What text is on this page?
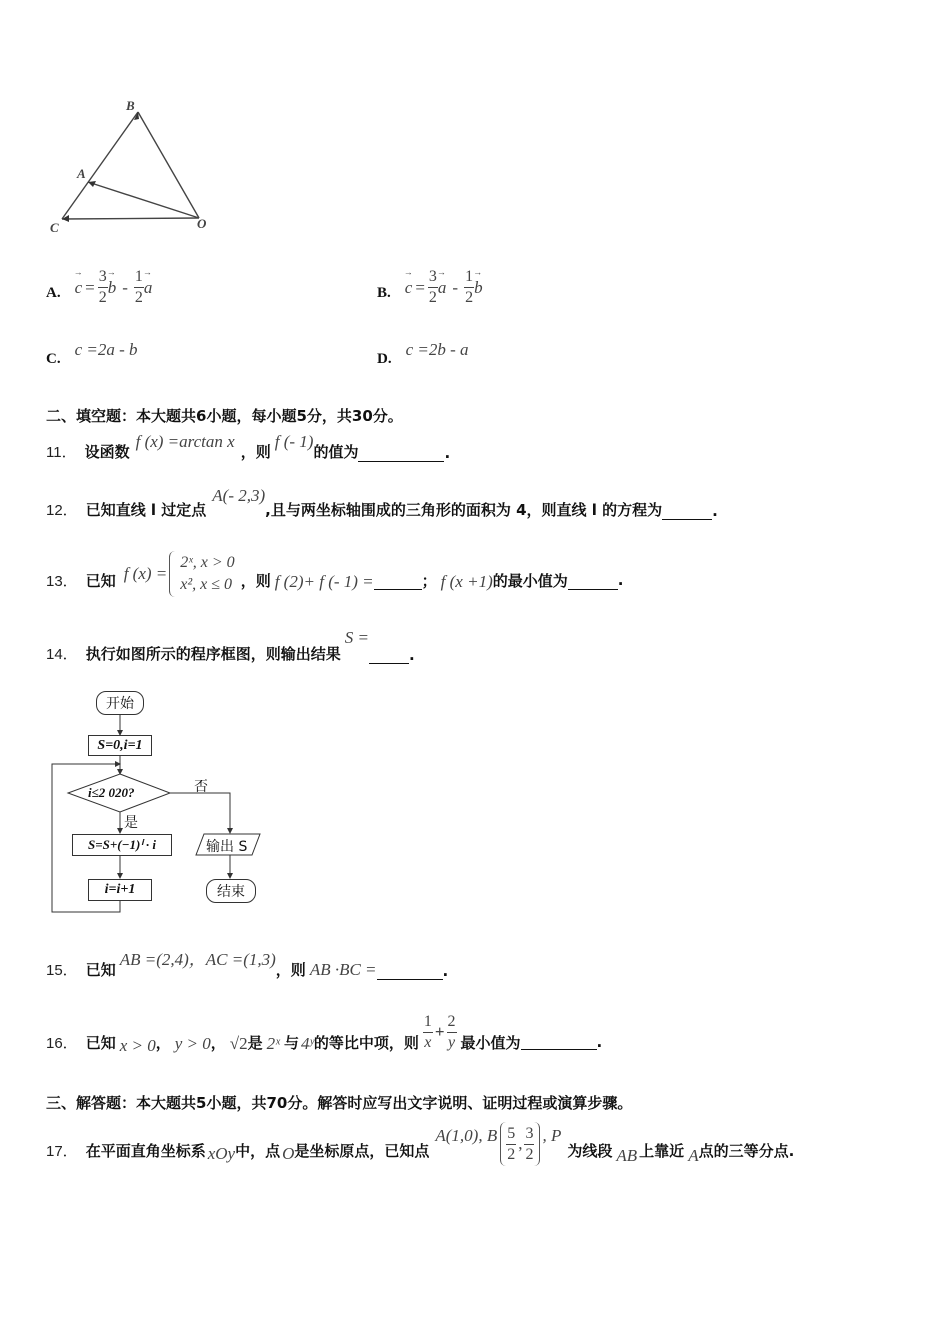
B
A
C	O
A.
→ $c = \frac{3}{2}$
→ b - $\frac{1}{2}$
→ a	B.
→ $c = \frac{3}{2}$
→ a - $\frac{1}{2}$
→ b
C. c =2a - b	D. c =2b - a
二、填空题：本大题共6小题，每小题5分，共30分。
11． 设函数
f (x) =arctan x
，则
f (- 1)
的值为	.
12． 已知直线 l 过定点
A(- 2,3)
,且与两坐标轴围成的三角形的面积为 4，则直线 l 的方程为	.
13． 已知 f (x) =
2ˣ, x > 0
x², x ≤ 0 ，则 f (2)+ f (- 1) =	； f (x +1) 的最小值为	.
14． 执行如图所示的程序框图，则输出结果
S =
.
开始
S=0,i=1
i≤2 020?	否
是
S=S+(−1)ⁱ · i	输出 S
i=i+1	结束
15． 已知
AB =(2,4)，AC =(1,3)
，则 AB ·BC =	.
16． 已知 x > 0 ， y > 0 ， √2 是 2ˣ 与 4ʸ 的等比中项，则 $\frac{1}{x} + \frac{2}{y}$ 最小值为	.
三、解答题：本大题共5小题，共70分。解答时应写出文字说明、证明过程或演算步骤。
17． 在平面直角坐标系 xOy 中，点 O 是坐标原点，已知点
A(1,0), B $\frac{5}{2}$ , $\frac{3}{2}$ , P
为线段 AB 上靠近 A 点的三等分点.
